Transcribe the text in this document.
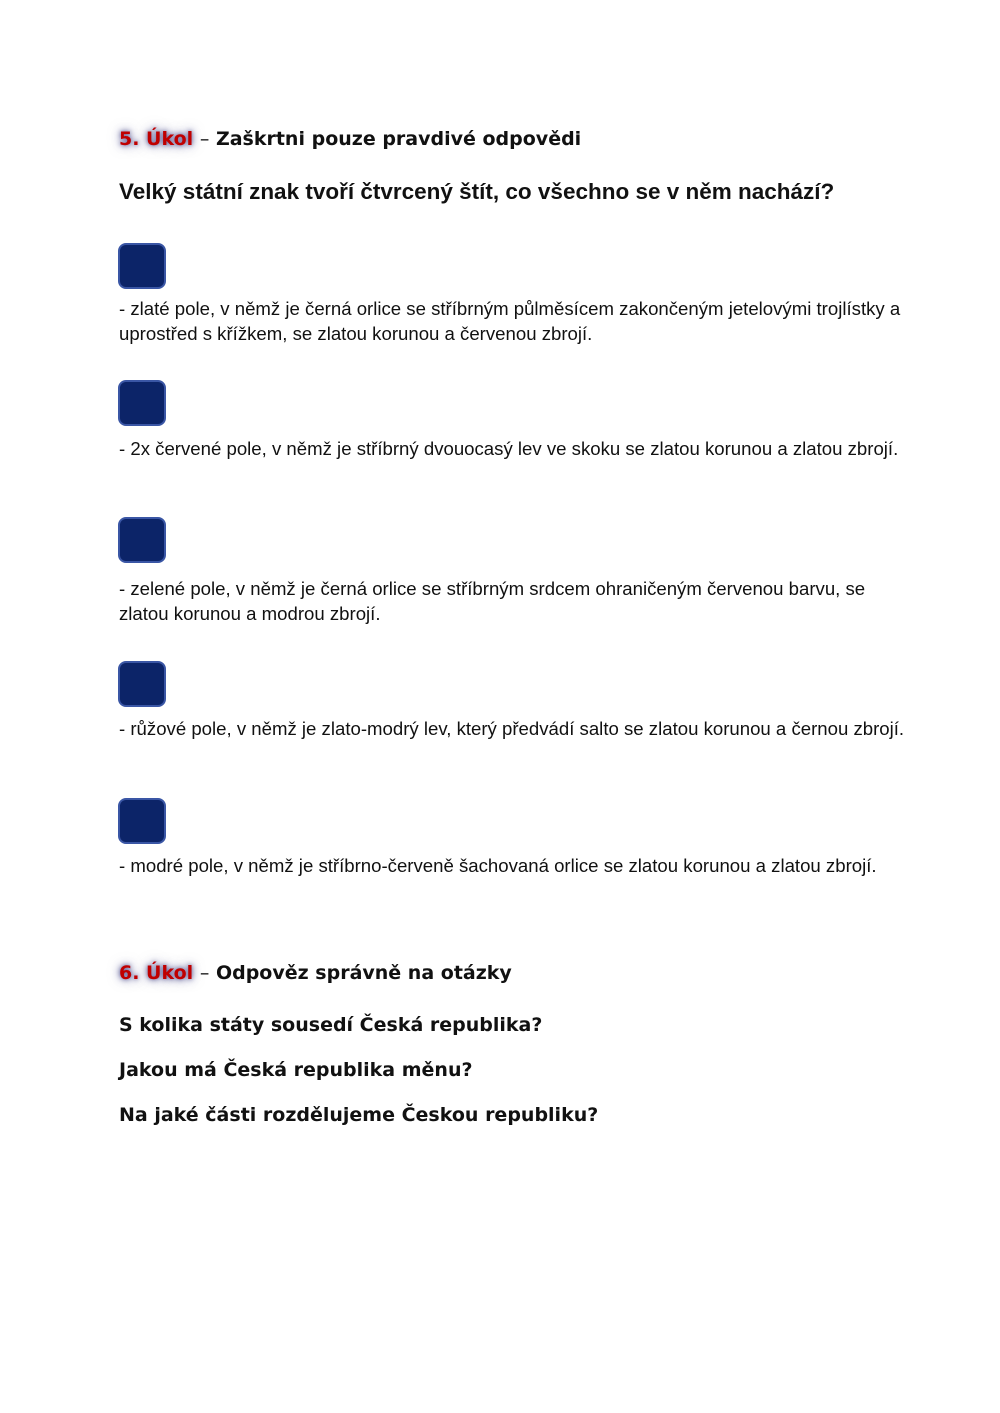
5. Úkol – Zaškrtni pouze pravdivé odpovědi
Velký státní znak tvoří čtvrcený štít, co všechno se v něm nachází?
- zlaté pole, v němž je černá orlice se stříbrným půlměsícem zakončeným jetelovými trojlístky a uprostřed s křížkem, se zlatou korunou a červenou zbrojí.
- 2x červené pole, v němž je stříbrný dvouocasý lev ve skoku se zlatou korunou a zlatou zbrojí.
- zelené pole, v němž je černá orlice se stříbrným srdcem ohraničeným červenou barvu, se zlatou korunou a modrou zbrojí.
- růžové pole, v němž je zlato-modrý lev, který předvádí salto se zlatou korunou a černou zbrojí.
- modré pole, v němž je stříbrno-červeně šachovaná orlice se zlatou korunou a zlatou zbrojí.
6. Úkol – Odpověz správně na otázky
S kolika státy sousedí Česká republika?
Jakou má Česká republika měnu?
Na jaké části rozdělujeme Českou republiku?
